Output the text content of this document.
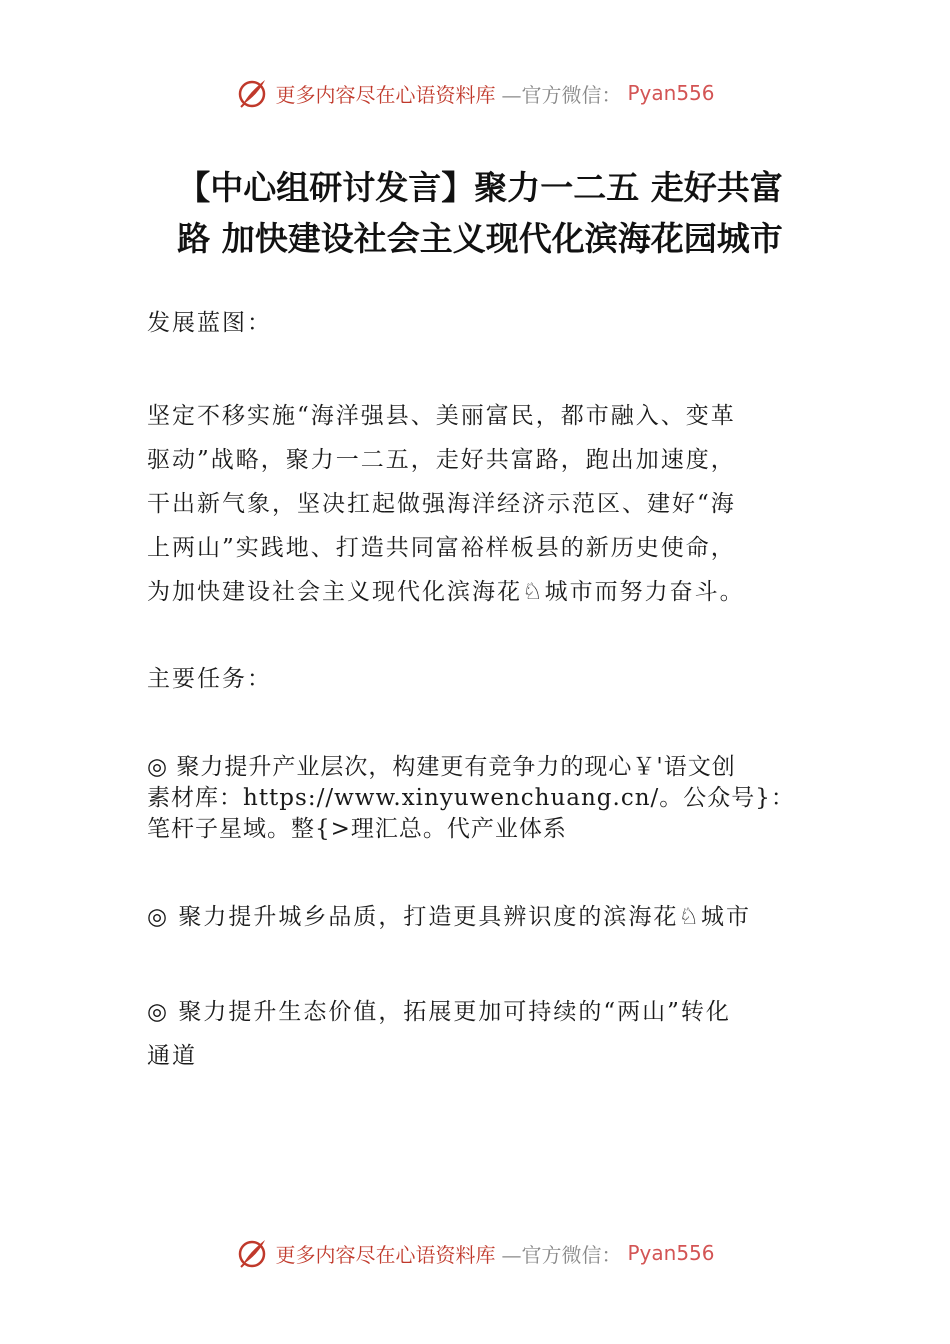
更多内容尽在心语资料库 —官方微信： Pyan556
【中心组研讨发言】聚力一二五 走好共富
路 加快建设社会主义现代化滨海花园城市
发展蓝图：
坚定不移实施“海洋强县、美丽富民，都市融入、变革
驱动”战略，聚力一二五，走好共富路，跑出加速度，
干出新气象，坚决扛起做强海洋经济示范区、建好“海
上两山”实践地、打造共同富裕样板县的新历史使命，
为加快建设社会主义现代化滨海花♘城市而努力奋斗。
主要任务：
◎ 聚力提升产业层次，构建更有竞争力的现心￥'语文创
素材库：https://www.xinyuwenchuang.cn/。公众号}：
笔杆子星域。整{>理汇总。代产业体系
◎ 聚力提升城乡品质，打造更具辨识度的滨海花♘城市
◎ 聚力提升生态价值，拓展更加可持续的“两山”转化
通道
更多内容尽在心语资料库 —官方微信： Pyan556
